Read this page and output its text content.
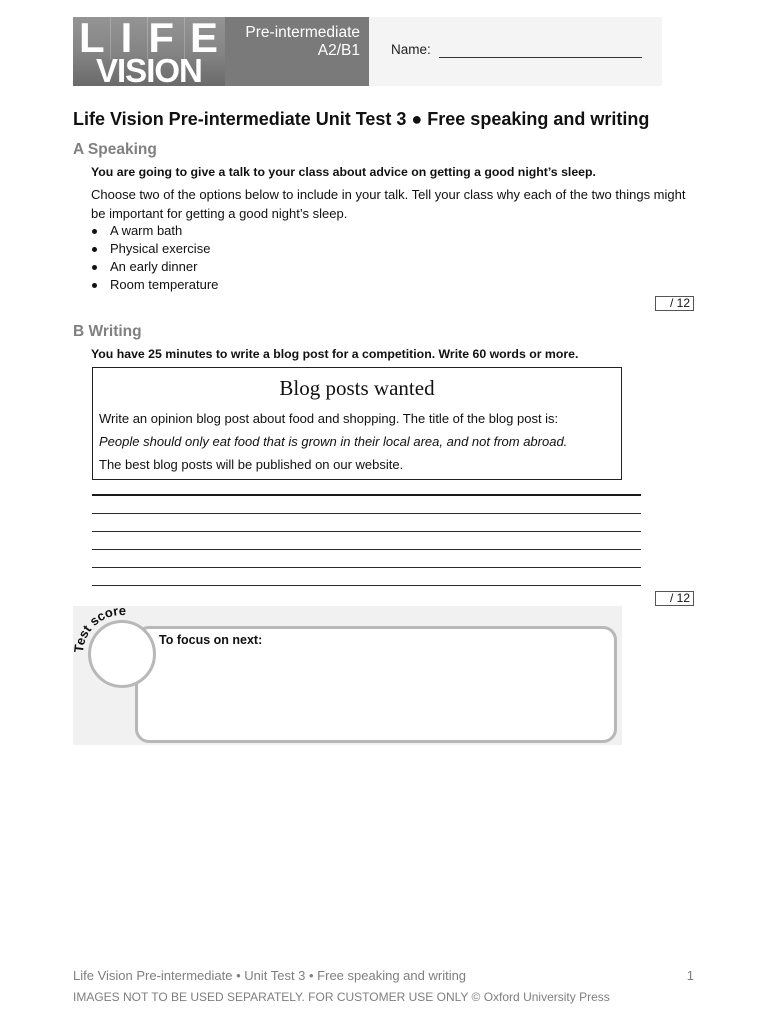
LIFE
VISION
Pre-intermediate
A2/B1 Name:
Life Vision Pre-intermediate Unit Test 3 ● Free speaking and writing
A Speaking
You are going to give a talk to your class about advice on getting a good night’s sleep.
Choose two of the options below to include in your talk. Tell your class why each of the two things might be important for getting a good night’s sleep.
A warm bath
Physical exercise
An early dinner
Room temperature
/ 12
B Writing
You have 25 minutes to write a blog post for a competition. Write 60 words or more.
Blog posts wanted
Write an opinion blog post about food and shopping. The title of the blog post is:
People should only eat food that is grown in their local area, and not from abroad.
The best blog posts will be published on our website.
/ 12
Test score
To focus on next:
Life Vision Pre-intermediate • Unit Test 3 • Free speaking and writing	1
IMAGES NOT TO BE USED SEPARATELY. FOR CUSTOMER USE ONLY © Oxford University Press
